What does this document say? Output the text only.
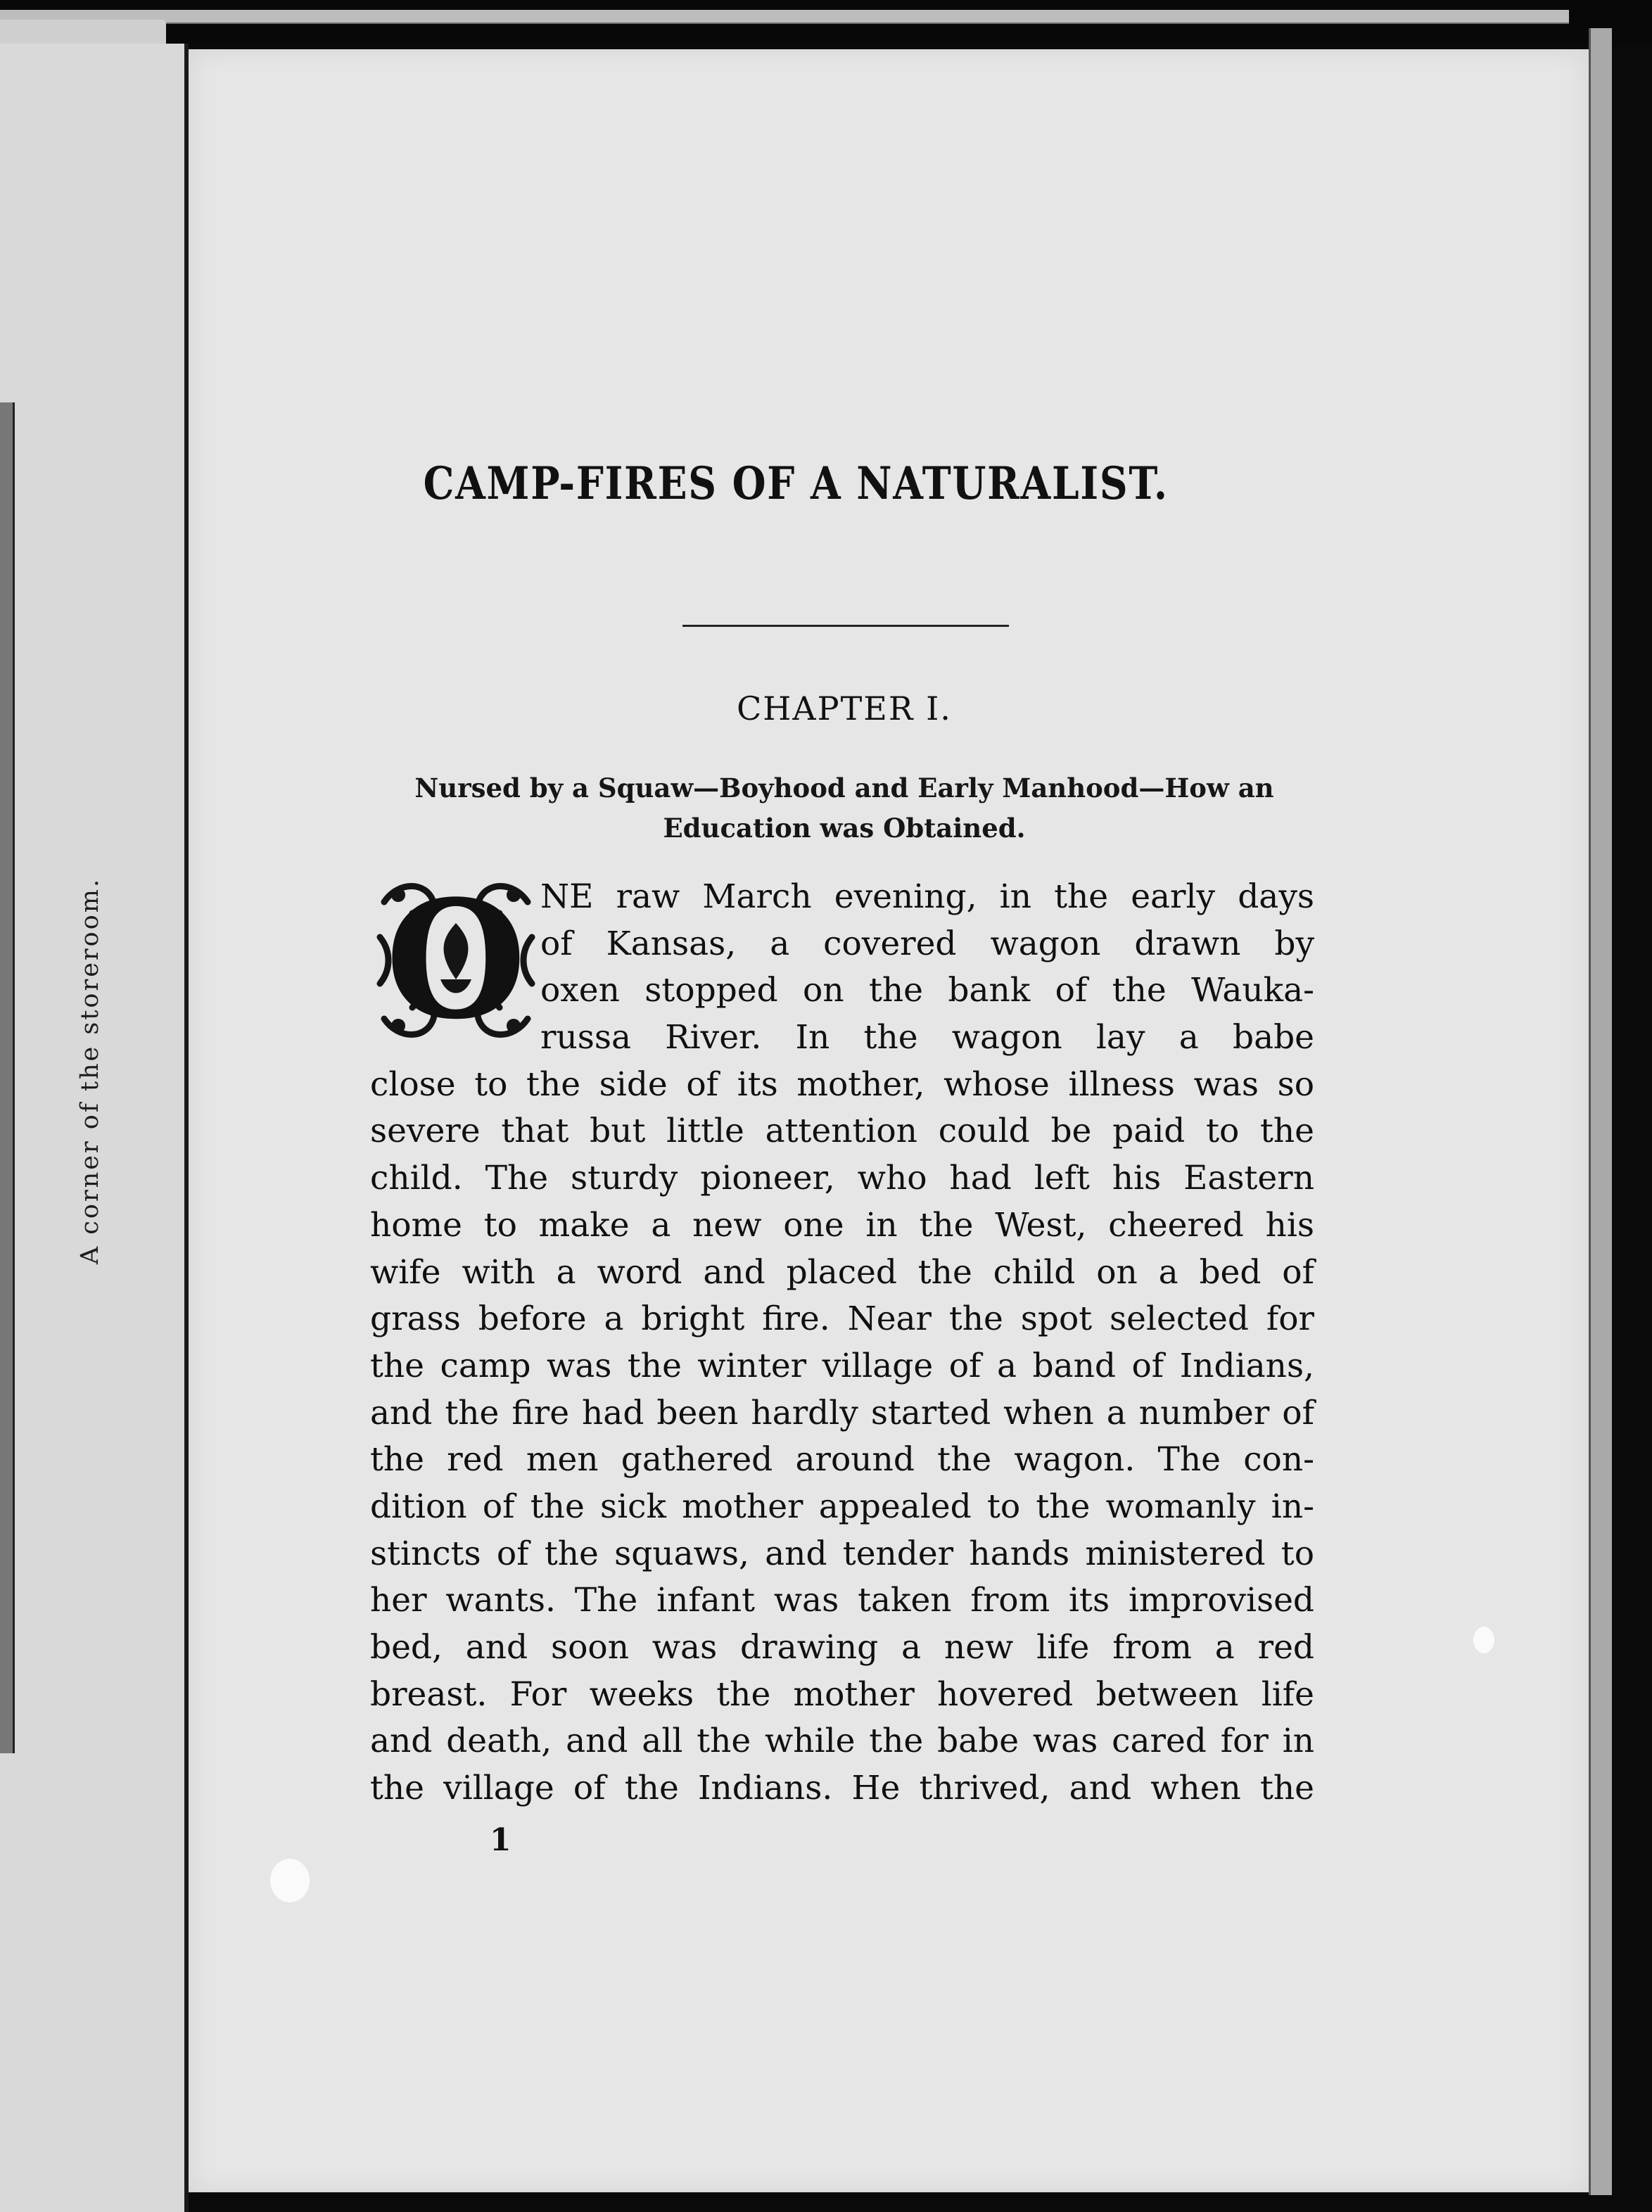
A corner of the storeroom.
CAMP-FIRES OF A NATURALIST.
CHAPTER I.
Nursed by a Squaw—Boyhood and Early Manhood—How an
Education was Obtained.
O NE raw March evening, in the early days
of Kansas, a covered wagon drawn by
oxen stopped on the bank of the Wauka-
russa River. In the wagon lay a babe
close to the side of its mother, whose illness was so
severe that but little attention could be paid to the
child. The sturdy pioneer, who had left his Eastern
home to make a new one in the West, cheered his
wife with a word and placed the child on a bed of
grass before a bright fire. Near the spot selected for
the camp was the winter village of a band of Indians,
and the fire had been hardly started when a number of
the red men gathered around the wagon. The con-
dition of the sick mother appealed to the womanly in-
stincts of the squaws, and tender hands ministered to
her wants. The infant was taken from its improvised
bed, and soon was drawing a new life from a red
breast. For weeks the mother hovered between life
and death, and all the while the babe was cared for in
the village of the Indians. He thrived, and when the
1
